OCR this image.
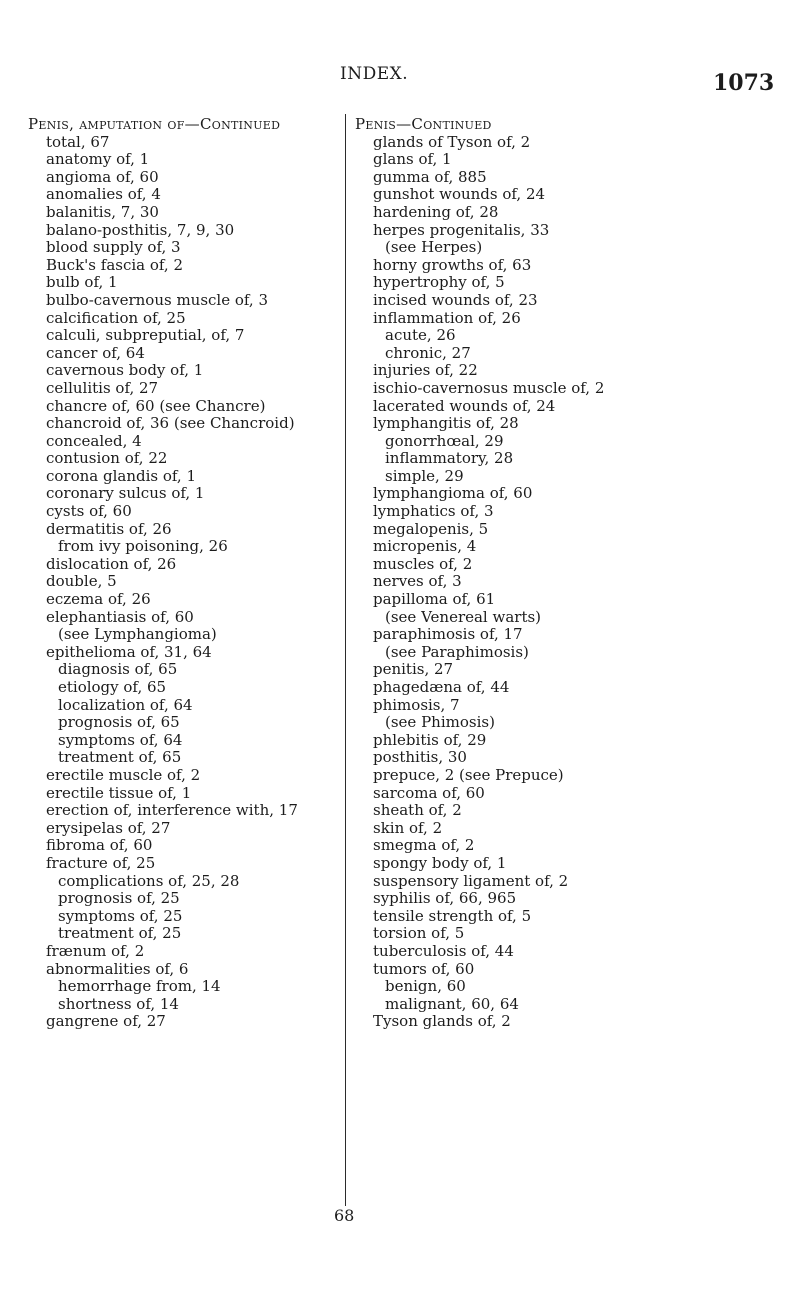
INDEX.	1073
Penis, amputation of—Continued
total, 67
anatomy of, 1
angioma of, 60
anomalies of, 4
balanitis, 7, 30
balano-posthitis, 7, 9, 30
blood supply of, 3
Buck's fascia of, 2
bulb of, 1
bulbo-cavernous muscle of, 3
calcification of, 25
calculi, subpreputial, of, 7
cancer of, 64
cavernous body of, 1
cellulitis of, 27
chancre of, 60 (see Chancre)
chancroid of, 36 (see Chancroid)
concealed, 4
contusion of, 22
corona glandis of, 1
coronary sulcus of, 1
cysts of, 60
dermatitis of, 26
from ivy poisoning, 26
dislocation of, 26
double, 5
eczema of, 26
elephantiasis of, 60
(see Lymphangioma)
epithelioma of, 31, 64
diagnosis of, 65
etiology of, 65
localization of, 64
prognosis of, 65
symptoms of, 64
treatment of, 65
erectile muscle of, 2
erectile tissue of, 1
erection of, interference with, 17
erysipelas of, 27
fibroma of, 60
fracture of, 25
complications of, 25, 28
prognosis of, 25
symptoms of, 25
treatment of, 25
frænum of, 2
abnormalities of, 6
hemorrhage from, 14
shortness of, 14
gangrene of, 27
Penis—Continued
glands of Tyson of, 2
glans of, 1
gumma of, 885
gunshot wounds of, 24
hardening of, 28
herpes progenitalis, 33
(see Herpes)
horny growths of, 63
hypertrophy of, 5
incised wounds of, 23
inflammation of, 26
acute, 26
chronic, 27
injuries of, 22
ischio-cavernosus muscle of, 2
lacerated wounds of, 24
lymphangitis of, 28
gonorrhœal, 29
inflammatory, 28
simple, 29
lymphangioma of, 60
lymphatics of, 3
megalopenis, 5
micropenis, 4
muscles of, 2
nerves of, 3
papilloma of, 61
(see Venereal warts)
paraphimosis of, 17
(see Paraphimosis)
penitis, 27
phagedæna of, 44
phimosis, 7
(see Phimosis)
phlebitis of, 29
posthitis, 30
prepuce, 2 (see Prepuce)
sarcoma of, 60
sheath of, 2
skin of, 2
smegma of, 2
spongy body of, 1
suspensory ligament of, 2
syphilis of, 66, 965
tensile strength of, 5
torsion of, 5
tuberculosis of, 44
tumors of, 60
benign, 60
malignant, 60, 64
Tyson glands of, 2
68
